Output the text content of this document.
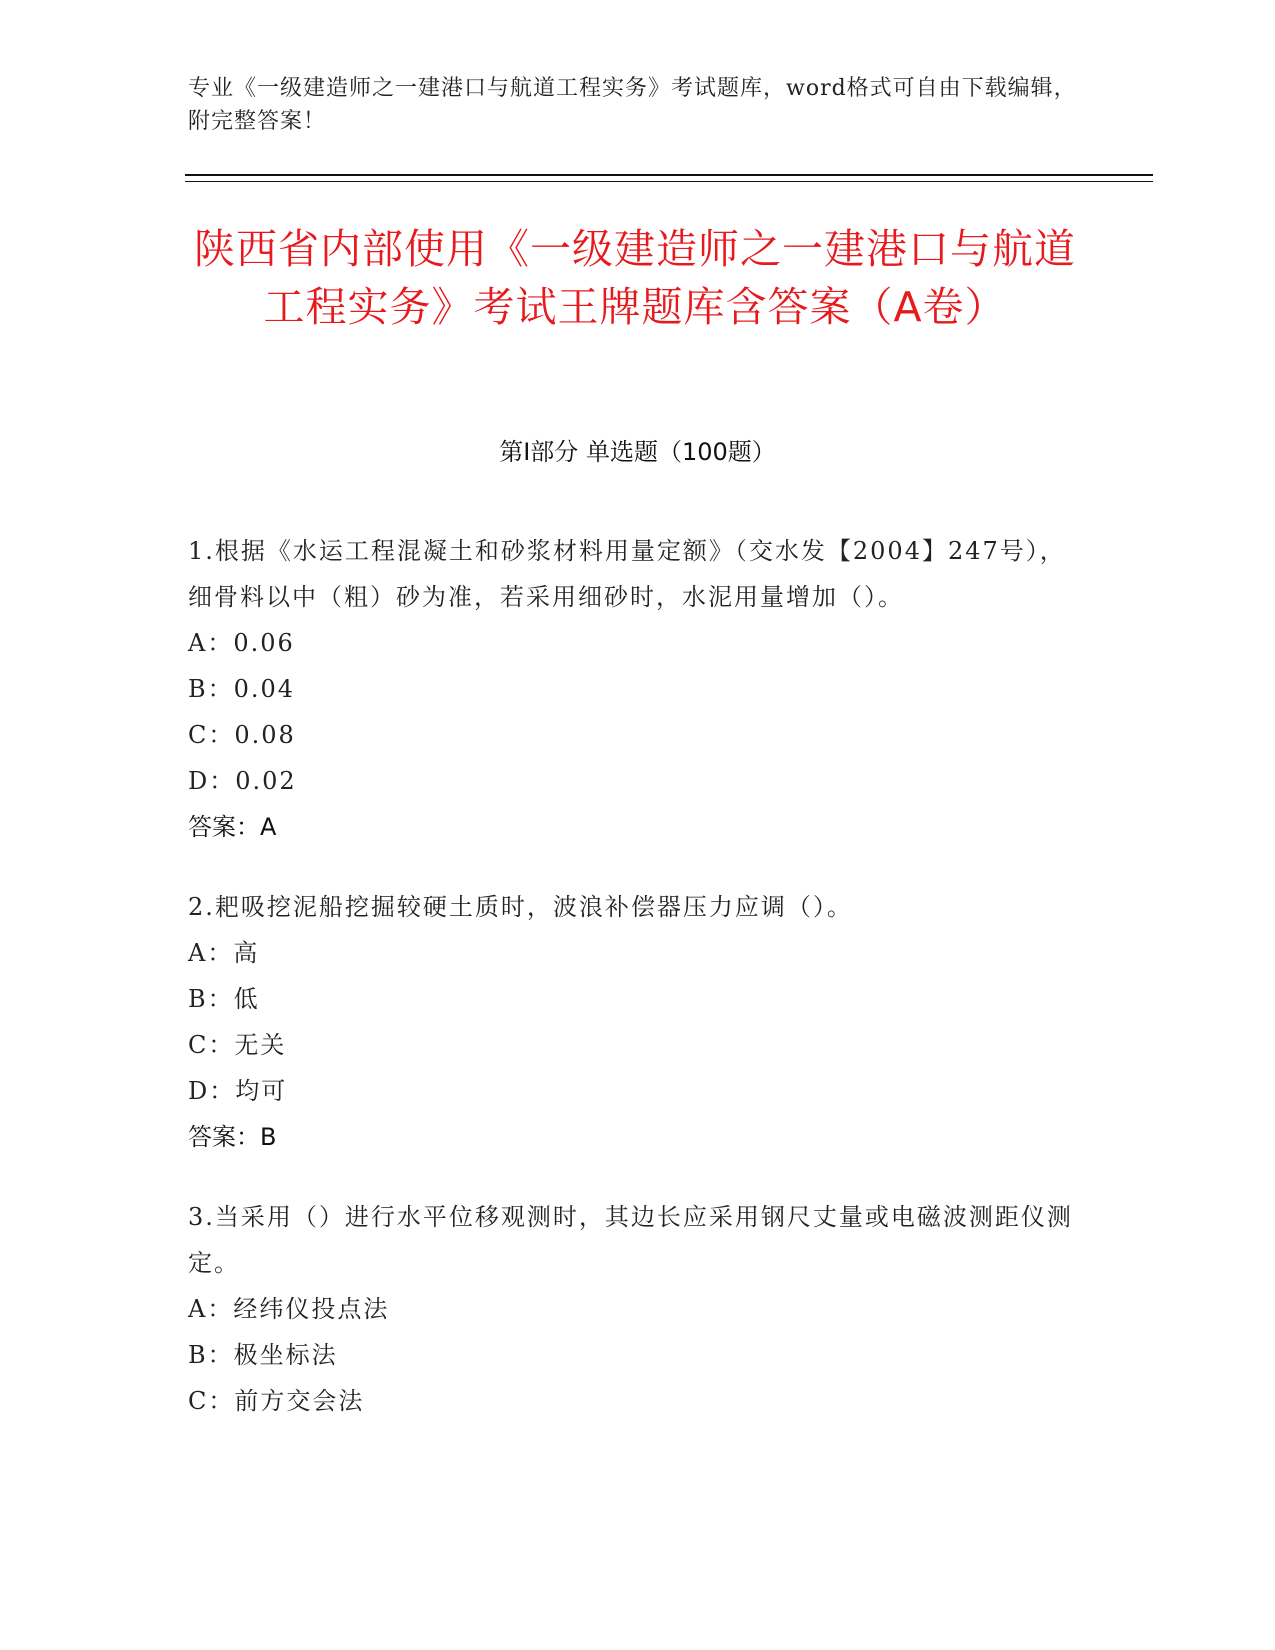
专业《一级建造师之一建港口与航道工程实务》考试题库，word格式可自由下载编辑，附完整答案！
陕西省内部使用《一级建造师之一建港口与航道工程实务》考试王牌题库含答案（A卷）
第I部分 单选题（100题）
1.根据《水运工程混凝土和砂浆材料用量定额》（交水发【2004】247号），细骨料以中（粗）砂为准，若采用细砂时，水泥用量增加（）。
A：0.06
B：0.04
C：0.08
D：0.02
答案：A
2.耙吸挖泥船挖掘较硬土质时，波浪补偿器压力应调（）。
A：高
B：低
C：无关
D：均可
答案：B
3.当采用（）进行水平位移观测时，其边长应采用钢尺丈量或电磁波测距仪测定。
A：经纬仪投点法
B：极坐标法
C：前方交会法
